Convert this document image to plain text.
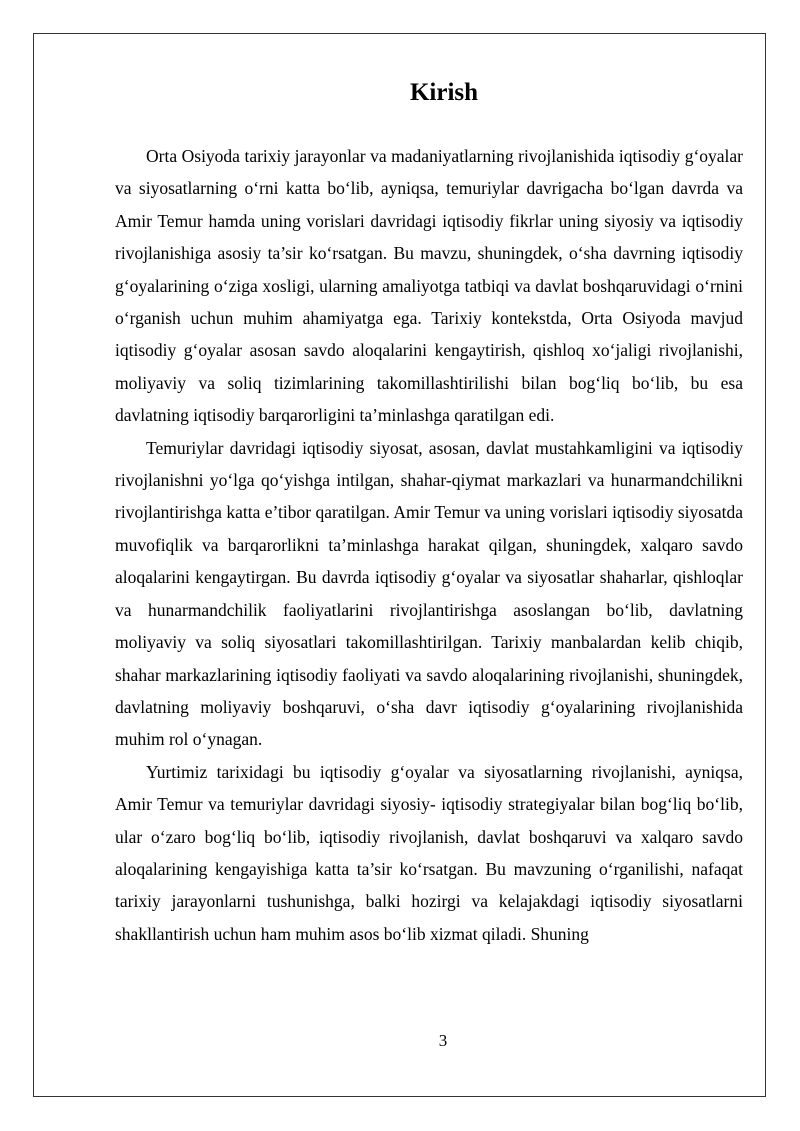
Kirish

Orta Osiyoda tarixiy jarayonlar va madaniyatlarning rivojlanishida iqtisodiy g‘oyalar va siyosatlarning o‘rni katta bo‘lib, ayniqsa, temuriylar davrigacha bo‘lgan davrda va Amir Temur hamda uning vorislari davridagi iqtisodiy fikrlar uning siyosiy va iqtisodiy rivojlanishiga asosiy ta’sir ko‘rsatgan. Bu mavzu, shuningdek, o‘sha davrning iqtisodiy g‘oyalarining o‘ziga xosligi, ularning amaliyotga tatbiqi va davlat boshqaruvidagi o‘rnini o‘rganish uchun muhim ahamiyatga ega. Tarixiy kontekstda, Orta Osiyoda mavjud iqtisodiy g‘oyalar asosan savdo aloqalarini kengaytirish, qishloq xo‘jaligi rivojlanishi, moliyaviy va soliq tizimlarining takomillashtirilishi bilan bog‘liq bo‘lib, bu esa davlatning iqtisodiy barqarorligini ta’minlashga qaratilgan edi.

Temuriylar davridagi iqtisodiy siyosat, asosan, davlat mustahkamligini va iqtisodiy rivojlanishni yo‘lga qo‘yishga intilgan, shahar-qiymat markazlari va hunarmandchilikni rivojlantirishga katta e’tibor qaratilgan. Amir Temur va uning vorislari iqtisodiy siyosatda muvofiqlik va barqarorlikni ta’minlashga harakat qilgan, shuningdek, xalqaro savdo aloqalarini kengaytirgan. Bu davrda iqtisodiy g‘oyalar va siyosatlar shaharlar, qishloqlar va hunarmandchilik faoliyatlarini rivojlantirishga asoslangan bo‘lib, davlatning moliyaviy va soliq siyosatlari takomillashtirilgan. Tarixiy manbalardan kelib chiqib, shahar markazlarining iqtisodiy faoliyati va savdo aloqalarining rivojlanishi, shuningdek, davlatning moliyaviy boshqaruvi, o‘sha davr iqtisodiy g‘oyalarining rivojlanishida muhim rol o‘ynagan.

Yurtimiz tarixidagi bu iqtisodiy g‘oyalar va siyosatlarning rivojlanishi, ayniqsa, Amir Temur va temuriylar davridagi siyosiy- iqtisodiy strategiyalar bilan bog‘liq bo‘lib, ular o‘zaro bog‘liq bo‘lib, iqtisodiy rivojlanish, davlat boshqaruvi va xalqaro savdo aloqalarining kengayishiga katta ta’sir ko‘rsatgan. Bu mavzuning o‘rganilishi, nafaqat tarixiy jarayonlarni tushunishga, balki hozirgi va kelajakdagi iqtisodiy siyosatlarni shakllantirish uchun ham muhim asos bo‘lib xizmat qiladi. Shuning

3
